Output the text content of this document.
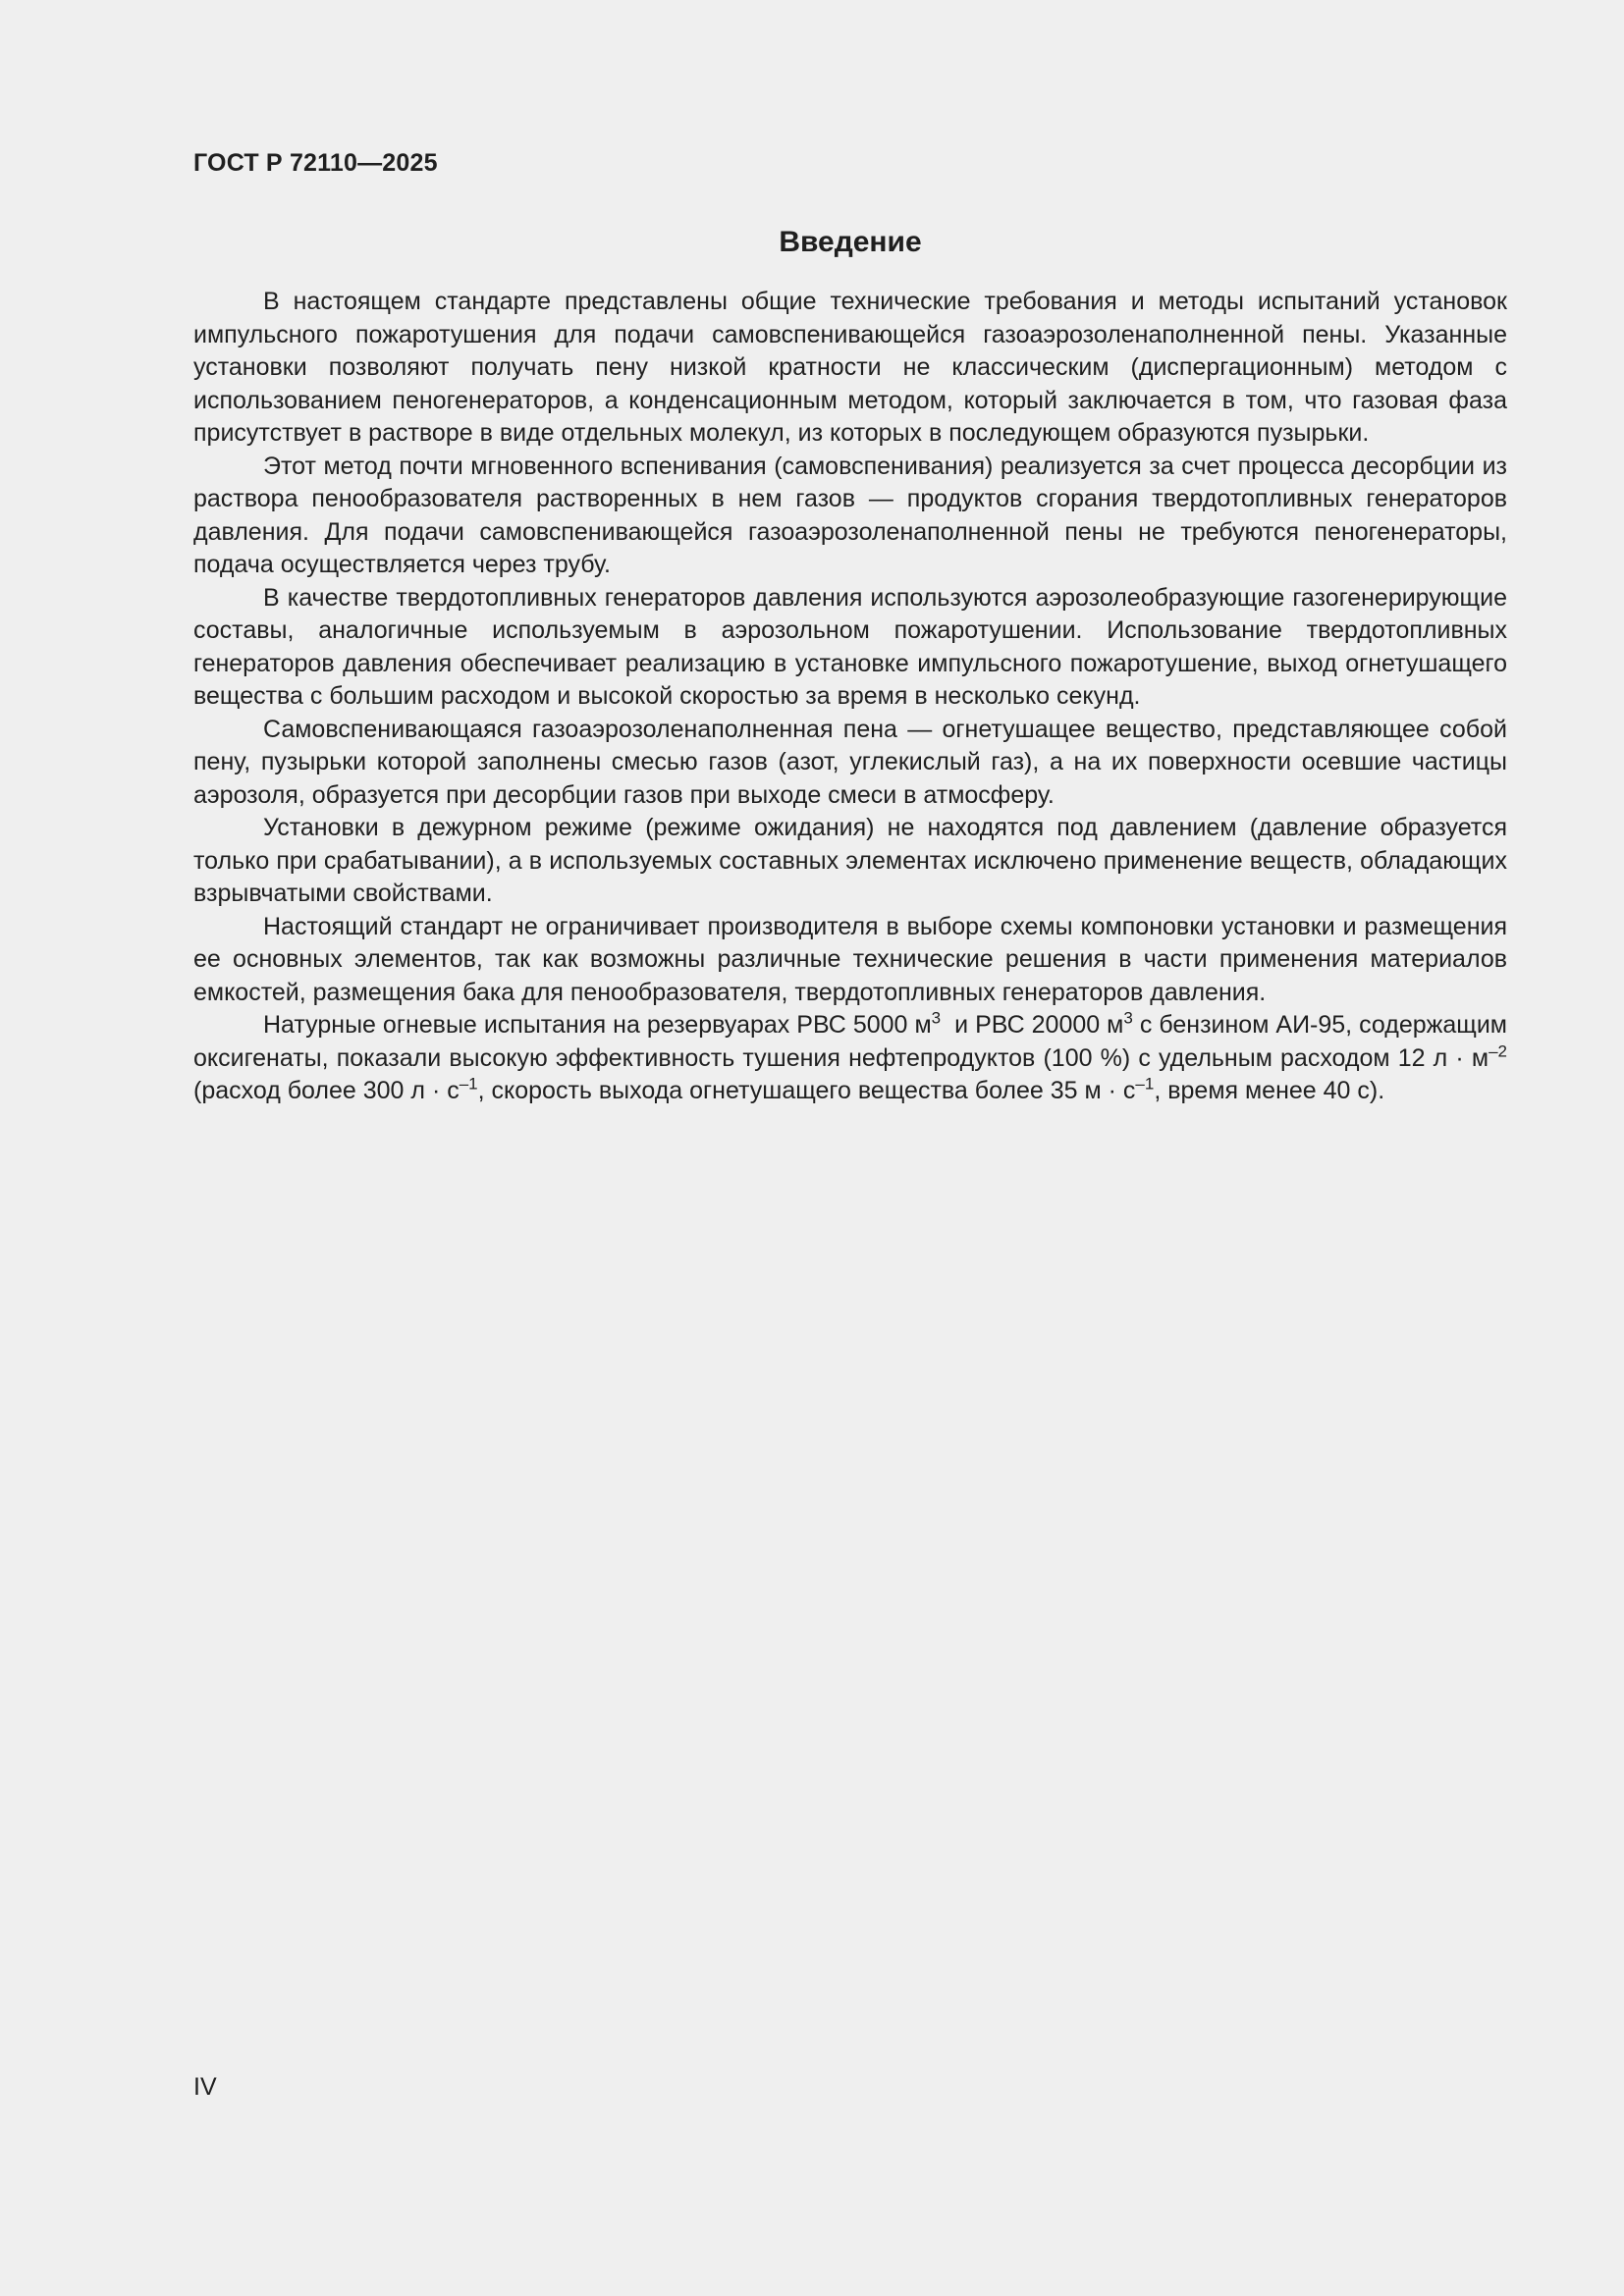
ГОСТ Р 72110—2025
Введение

В настоящем стандарте представлены общие технические требования и методы испытаний установок импульсного пожаротушения для подачи самовспенивающейся газоаэрозоленаполненной пены. Указанные установки позволяют получать пену низкой кратности не классическим (диспергационным) методом с использованием пеногенераторов, а конденсационным методом, который заключается в том, что газовая фаза присутствует в растворе в виде отдельных молекул, из которых в последующем образуются пузырьки.

Этот метод почти мгновенного вспенивания (самовспенивания) реализуется за счет процесса десорбции из раствора пенообразователя растворенных в нем газов — продуктов сгорания твердотопливных генераторов давления. Для подачи самовспенивающейся газоаэрозоленаполненной пены не требуются пеногенераторы, подача осуществляется через трубу.

В качестве твердотопливных генераторов давления используются аэрозолеобразующие газогенерирующие составы, аналогичные используемым в аэрозольном пожаротушении. Использование твердотопливных генераторов давления обеспечивает реализацию в установке импульсного пожаротушение, выход огнетушащего вещества с большим расходом и высокой скоростью за время в несколько секунд.

Самовспенивающаяся газоаэрозоленаполненная пена — огнетушащее вещество, представляющее собой пену, пузырьки которой заполнены смесью газов (азот, углекислый газ), а на их поверхности осевшие частицы аэрозоля, образуется при десорбции газов при выходе смеси в атмосферу.

Установки в дежурном режиме (режиме ожидания) не находятся под давлением (давление образуется только при срабатывании), а в используемых составных элементах исключено применение веществ, обладающих взрывчатыми свойствами.

Настоящий стандарт не ограничивает производителя в выборе схемы компоновки установки и размещения ее основных элементов, так как возможны различные технические решения в части применения материалов емкостей, размещения бака для пенообразователя, твердотопливных генераторов давления.

Натурные огневые испытания на резервуарах РВС 5000 $м^3$  и РВС 20000 $м^3$ с бензином АИ-95, содержащим оксигенаты, показали высокую эффективность тушения нефтепродуктов (100 %) с удельным расходом 12 $л \cdot м^{-2}$ (расход более 300 $л \cdot с^{-1}$, скорость выхода огнетушащего вещества более 35 $м \cdot с^{-1}$, время менее 40 с).

IV
